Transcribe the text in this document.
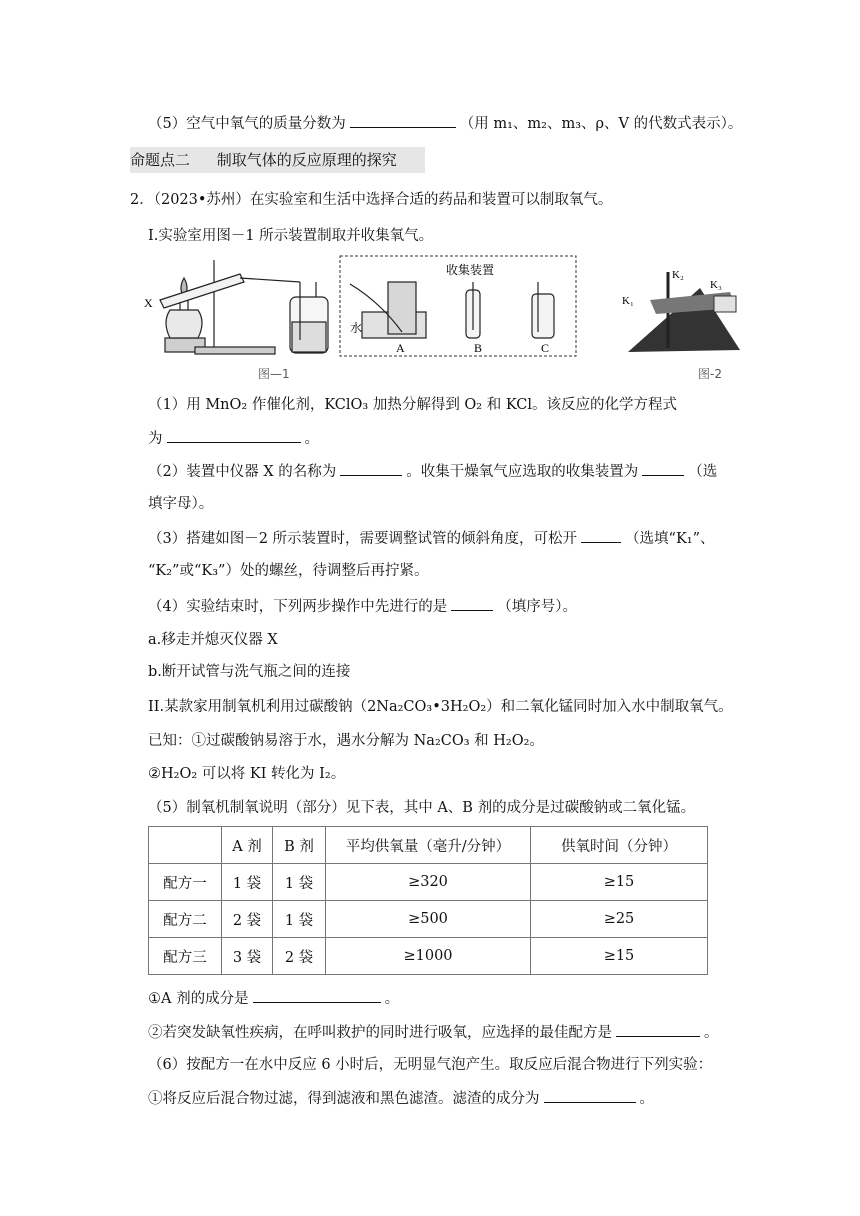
（5）空气中氧气的质量分数为	（用 m₁、m₂、m₃、ρ、V 的代数式表示）。
命题点二 制取气体的反应原理的探究
2．（2023•苏州）在实验室和生活中选择合适的药品和装置可以制取氧气。
I.实验室用图－1 所示装置制取并收集氧气。
X
收集装置
水
A	B	C
图—1
K₁
K₂
K₃
图-2
（1）用 MnO₂ 作催化剂，KClO₃ 加热分解得到 O₂ 和 KCl。该反应的化学方程式
为	。
（2）装置中仪器 X 的名称为	。收集干燥氧气应选取的收集装置为	（选
填字母）。
（3）搭建如图－2 所示装置时，需要调整试管的倾斜角度，可松开	（选填“K₁”、
“K₂”或“K₃”）处的螺丝，待调整后再拧紧。
（4）实验结束时，下列两步操作中先进行的是	（填序号）。
a.移走并熄灭仪器 X
b.断开试管与洗气瓶之间的连接
II.某款家用制氧机利用过碳酸钠（2Na₂CO₃•3H₂O₂）和二氧化锰同时加入水中制取氧气。
已知：①过碳酸钠易溶于水，遇水分解为 Na₂CO₃ 和 H₂O₂。
②H₂O₂ 可以将 KI 转化为 I₂。
（5）制氧机制氧说明（部分）见下表，其中 A、B 剂的成分是过碳酸钠或二氧化锰。
	A 剂	B 剂	平均供氧量（毫升/分钟）	供氧时间（分钟）
配方一	1 袋	1 袋	≥320	≥15
配方二	2 袋	1 袋	≥500	≥25
配方三	3 袋	2 袋	≥1000	≥15
①A 剂的成分是	。
②若突发缺氧性疾病，在呼叫救护的同时进行吸氧，应选择的最佳配方是	。
（6）按配方一在水中反应 6 小时后，无明显气泡产生。取反应后混合物进行下列实验：
①将反应后混合物过滤，得到滤液和黑色滤渣。滤渣的成分为	。
